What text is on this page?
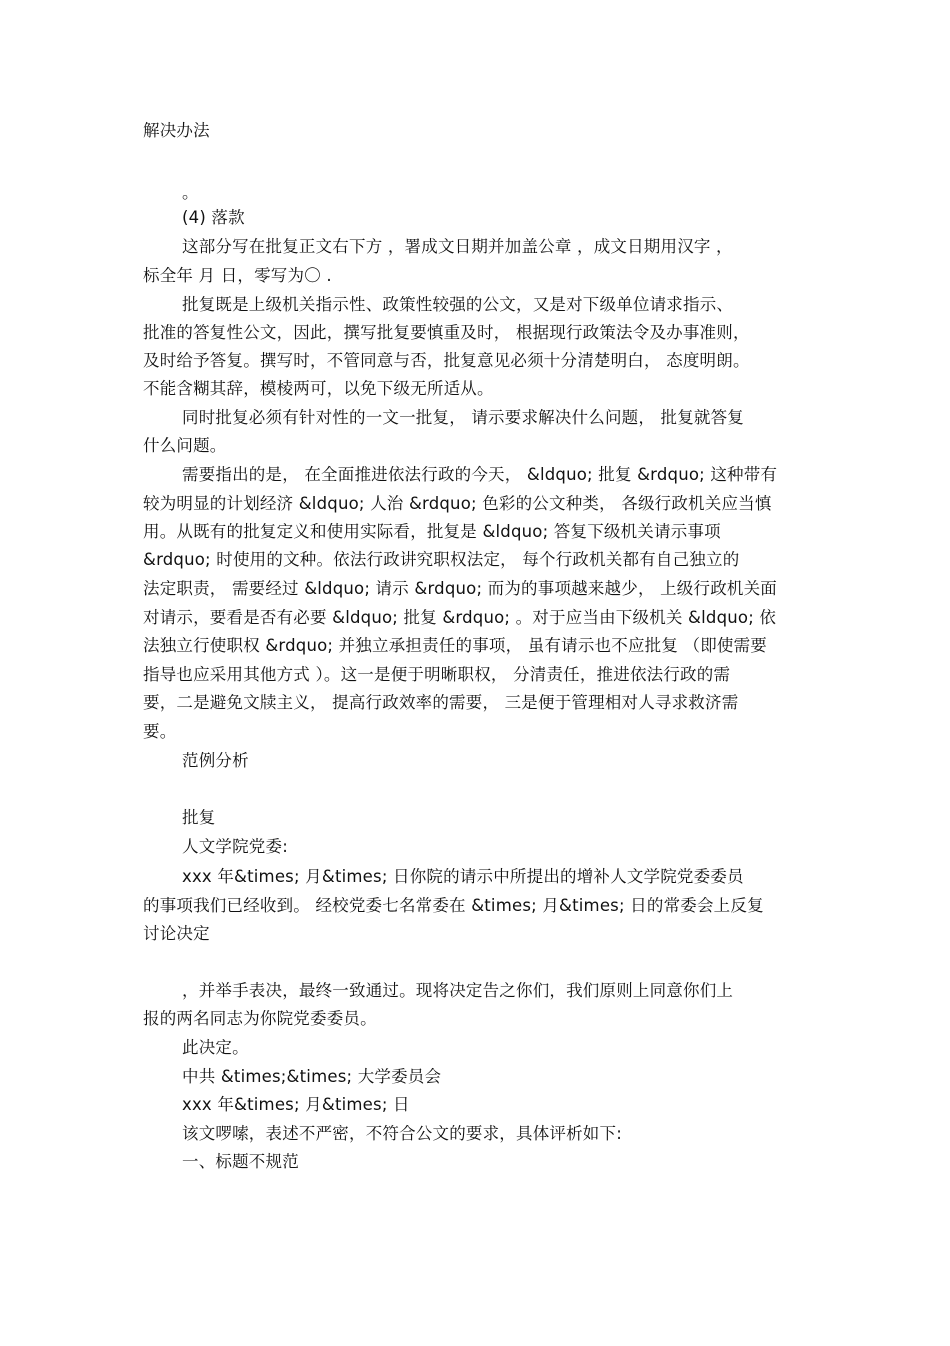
解决办法
。
(4) 落款
这部分写在批复正文右下方 ，署成文日期并加盖公章 ，成文日期用汉字 ，
标全年 月 日，零写为〇 .
批复既是上级机关指示性、政策性较强的公文，又是对下级单位请求指示、
批准的答复性公文，因此，撰写批复要慎重及时， 根据现行政策法令及办事准则，
及时给予答复。撰写时，不管同意与否，批复意见必须十分清楚明白， 态度明朗。
不能含糊其辞，模棱两可，以免下级无所适从。
同时批复必须有针对性的一文一批复， 请示要求解决什么问题， 批复就答复
什么问题。
需要指出的是， 在全面推进依法行政的今天， &ldquo; 批复 &rdquo; 这种带有
较为明显的计划经济 &ldquo; 人治 &rdquo; 色彩的公文种类， 各级行政机关应当慎
用。从既有的批复定义和使用实际看，批复是 &ldquo; 答复下级机关请示事项
&rdquo; 时使用的文种。依法行政讲究职权法定， 每个行政机关都有自己独立的
法定职责， 需要经过 &ldquo; 请示 &rdquo; 而为的事项越来越少， 上级行政机关面
对请示，要看是否有必要 &ldquo; 批复 &rdquo; 。对于应当由下级机关 &ldquo; 依
法独立行使职权 &rdquo; 并独立承担责任的事项， 虽有请示也不应批复 （即使需要
指导也应采用其他方式 ）。这一是便于明晰职权， 分清责任，推进依法行政的需
要，二是避免文牍主义， 提高行政效率的需要， 三是便于管理相对人寻求救济需
要。
范例分析
批复
人文学院党委:
xxx 年&times; 月&times; 日你院的请示中所提出的增补人文学院党委委员
的事项我们已经收到。 经校党委七名常委在 &times; 月&times; 日的常委会上反复
讨论决定
，并举手表决，最终一致通过。现将决定告之你们，我们原则上同意你们上
报的两名同志为你院党委委员。
此决定。
中共 &times;&times; 大学委员会
xxx 年&times; 月&times; 日
该文啰嗦，表述不严密，不符合公文的要求，具体评析如下:
一、标题不规范
